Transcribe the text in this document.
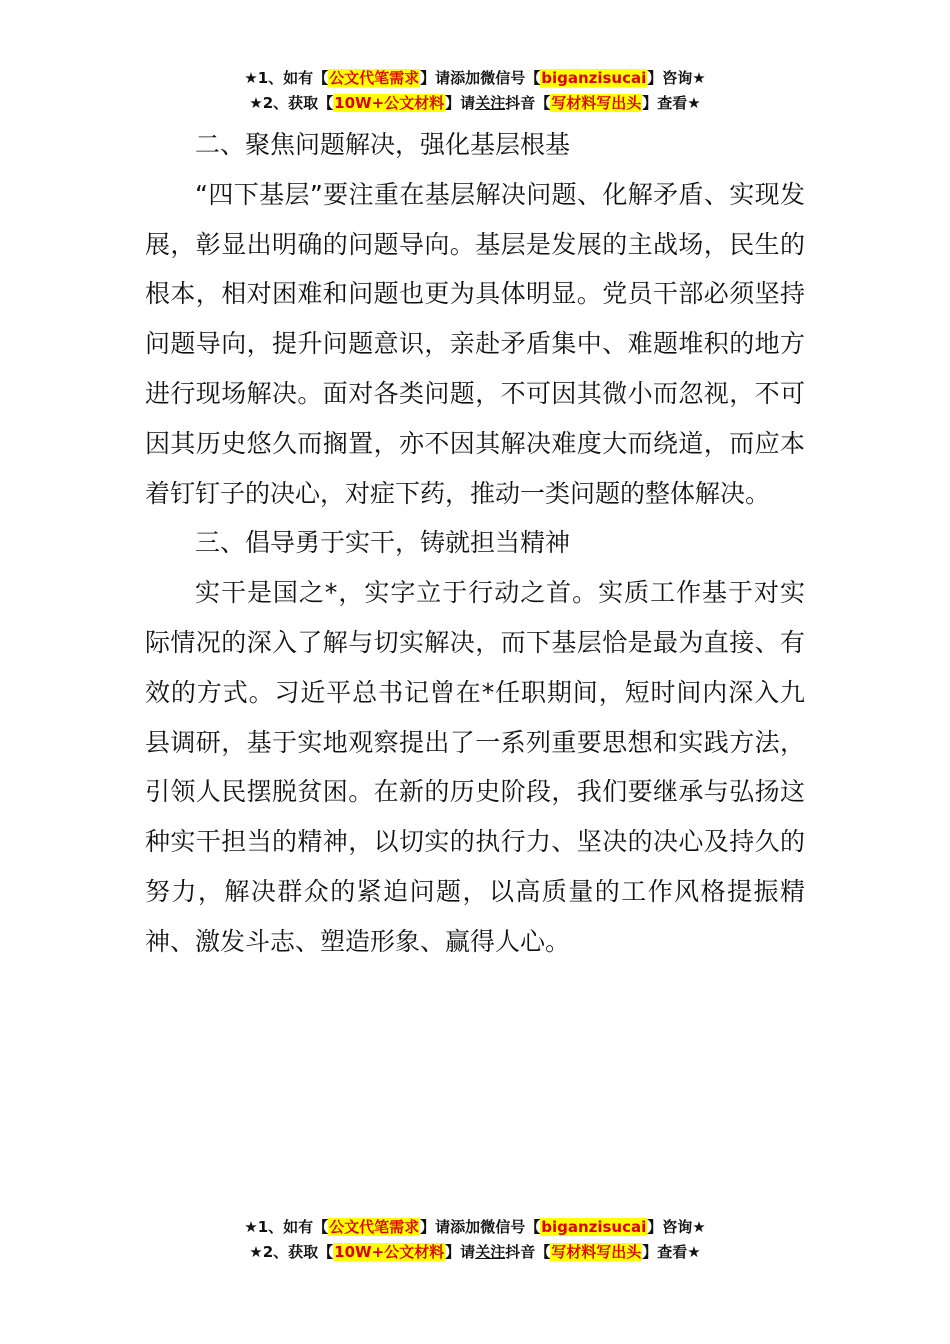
★1、如有【公文代笔需求】请添加微信号【biganzisucai】咨询★
★2、获取【10W+公文材料】请关注抖音【写材料写出头】查看★

二、聚焦问题解决，强化基层根基

“四下基层”要注重在基层解决问题、化解矛盾、实现发展，彰显出明确的问题导向。基层是发展的主战场，民生的根本，相对困难和问题也更为具体明显。党员干部必须坚持问题导向，提升问题意识，亲赴矛盾集中、难题堆积的地方进行现场解决。面对各类问题，不可因其微小而忽视，不可因其历史悠久而搁置，亦不因其解决难度大而绕道，而应本着钉钉子的决心，对症下药，推动一类问题的整体解决。

三、倡导勇于实干，铸就担当精神

实干是国之*，实字立于行动之首。实质工作基于对实际情况的深入了解与切实解决，而下基层恰是最为直接、有效的方式。习近平总书记曾在*任职期间，短时间内深入九县调研，基于实地观察提出了一系列重要思想和实践方法，引领人民摆脱贫困。在新的历史阶段，我们要继承与弘扬这种实干担当的精神，以切实的执行力、坚决的决心及持久的努力，解决群众的紧迫问题，以高质量的工作风格提振精神、激发斗志、塑造形象、赢得人心。

★1、如有【公文代笔需求】请添加微信号【biganzisucai】咨询★
★2、获取【10W+公文材料】请关注抖音【写材料写出头】查看★
